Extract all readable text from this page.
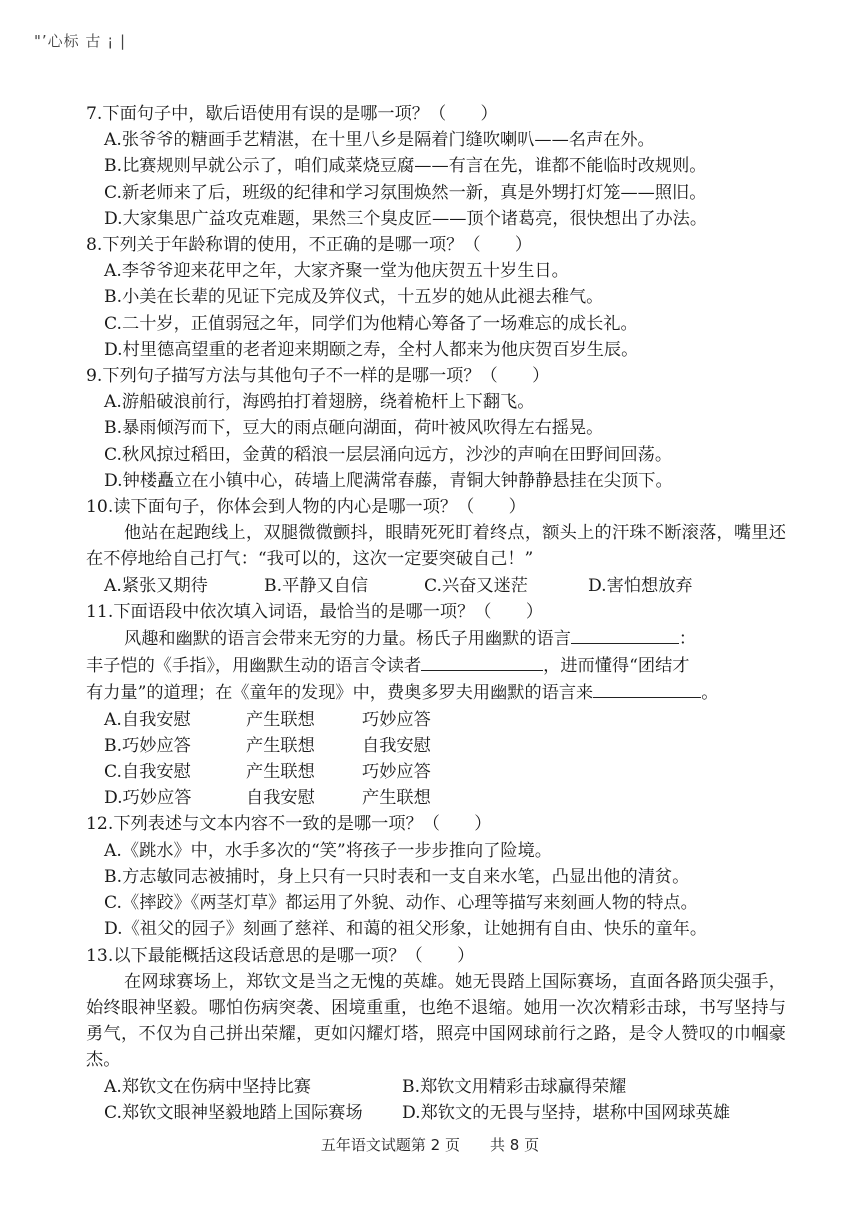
"’心标 古 ¡ |
7.下面句子中，歇后语使用有误的是哪一项？（　　）
A.张爷爷的糖画手艺精湛，在十里八乡是隔着门缝吹喇叭——名声在外。
B.比赛规则早就公示了，咱们咸菜烧豆腐——有言在先，谁都不能临时改规则。
C.新老师来了后，班级的纪律和学习氛围焕然一新，真是外甥打灯笼——照旧。
D.大家集思广益攻克难题，果然三个臭皮匠——顶个诸葛亮，很快想出了办法。
8.下列关于年龄称谓的使用，不正确的是哪一项？（　　）
A.李爷爷迎来花甲之年，大家齐聚一堂为他庆贺五十岁生日。
B.小美在长辈的见证下完成及笄仪式，十五岁的她从此褪去稚气。
C.二十岁，正值弱冠之年，同学们为他精心筹备了一场难忘的成长礼。
D.村里德高望重的老者迎来期颐之寿，全村人都来为他庆贺百岁生辰。
9.下列句子描写方法与其他句子不一样的是哪一项？（　　）
A.游船破浪前行，海鸥拍打着翅膀，绕着桅杆上下翻飞。
B.暴雨倾泻而下，豆大的雨点砸向湖面，荷叶被风吹得左右摇晃。
C.秋风掠过稻田，金黄的稻浪一层层涌向远方，沙沙的声响在田野间回荡。
D.钟楼矗立在小镇中心，砖墙上爬满常春藤，青铜大钟静静悬挂在尖顶下。
10.读下面句子，你体会到人物的内心是哪一项？（　　）

他站在起跑线上，双腿微微颤抖，眼睛死死盯着终点，额头上的汗珠不断滚落，嘴里还在不停地给自己打气：“我可以的，这次一定要突破自己！”

A.紧张又期待	B.平静又自信	C.兴奋又迷茫	D.害怕想放弃
11.下面语段中依次填入词语，最恰当的是哪一项？（　　）
风趣和幽默的语言会带来无穷的力量。杨氏子用幽默的语言	：
丰子恺的《手指》，用幽默生动的语言令读者	，进而懂得“团结才
有力量”的道理；在《童年的发现》中，费奥多罗夫用幽默的语言来	。
A.自我安慰	产生联想	巧妙应答
B.巧妙应答	产生联想	自我安慰
C.自我安慰	产生联想	巧妙应答
D.巧妙应答	自我安慰	产生联想
12.下列表述与文本内容不一致的是哪一项？（　　）
A.《跳水》中，水手多次的“笑”将孩子一步步推向了险境。
B.方志敏同志被捕时，身上只有一只时表和一支自来水笔，凸显出他的清贫。
C.《摔跤》《两茎灯草》都运用了外貌、动作、心理等描写来刻画人物的特点。
D.《祖父的园子》刻画了慈祥、和蔼的祖父形象，让她拥有自由、快乐的童年。
13.以下最能概括这段话意思的是哪一项？（　　）

在网球赛场上，郑钦文是当之无愧的英雄。她无畏踏上国际赛场，直面各路顶尖强手，始终眼神坚毅。哪怕伤病突袭、困境重重，也绝不退缩。她用一次次精彩击球，书写坚持与勇气，不仅为自己拼出荣耀，更如闪耀灯塔，照亮中国网球前行之路，是令人赞叹的巾帼豪杰。

A.郑钦文在伤病中坚持比赛	B.郑钦文用精彩击球赢得荣耀
C.郑钦文眼神坚毅地踏上国际赛场 D.郑钦文的无畏与坚持，堪称中国网球英雄
五年语文试题第 2 页　　共 8 页
